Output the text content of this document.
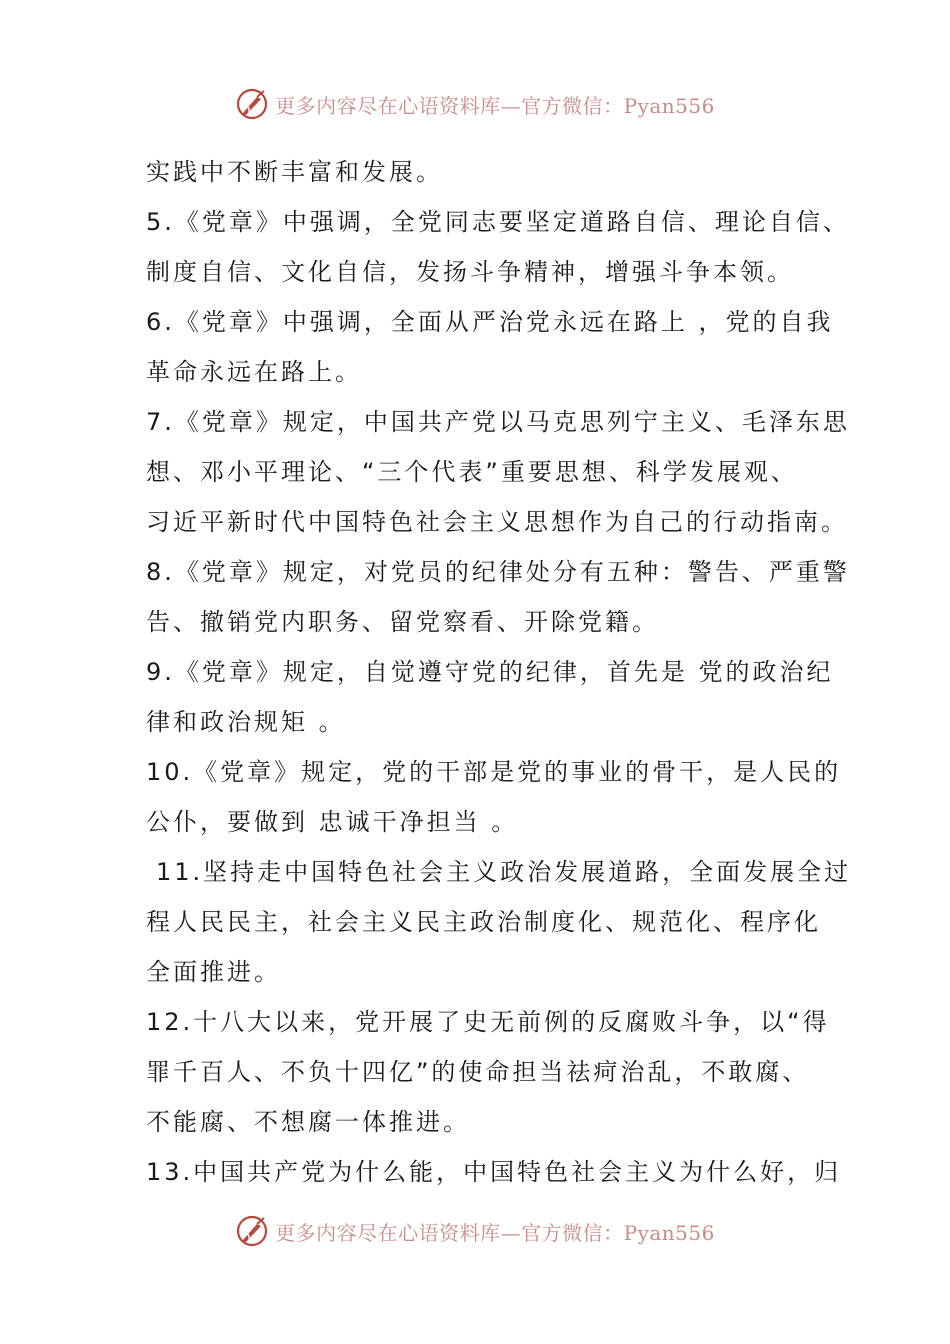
更多内容尽在心语资料库—官方微信：Pyan556
实践中不断丰富和发展。
5.《党章》中强调，全党同志要坚定道路自信、理论自信、
制度自信、文化自信，发扬斗争精神，增强斗争本领。
6.《党章》中强调，全面从严治党永远在路上 ，党的自我
革命永远在路上。
7.《党章》规定，中国共产党以马克思列宁主义、毛泽东思
想、邓小平理论、“三个代表”重要思想、科学发展观、
习近平新时代中国特色社会主义思想作为自己的行动指南。
8.《党章》规定，对党员的纪律处分有五种：警告、严重警
告、撤销党内职务、留党察看、开除党籍。
9.《党章》规定，自觉遵守党的纪律，首先是 党的政治纪
律和政治规矩 。
10.《党章》规定，党的干部是党的事业的骨干，是人民的
公仆，要做到 忠诚干净担当 。
11.坚持走中国特色社会主义政治发展道路，全面发展全过
程人民民主，社会主义民主政治制度化、规范化、程序化
全面推进。
12.十八大以来，党开展了史无前例的反腐败斗争，以“得
罪千百人、不负十四亿”的使命担当祛疴治乱，不敢腐、
不能腐、不想腐一体推进。
13.中国共产党为什么能，中国特色社会主义为什么好，归
更多内容尽在心语资料库—官方微信：Pyan556
